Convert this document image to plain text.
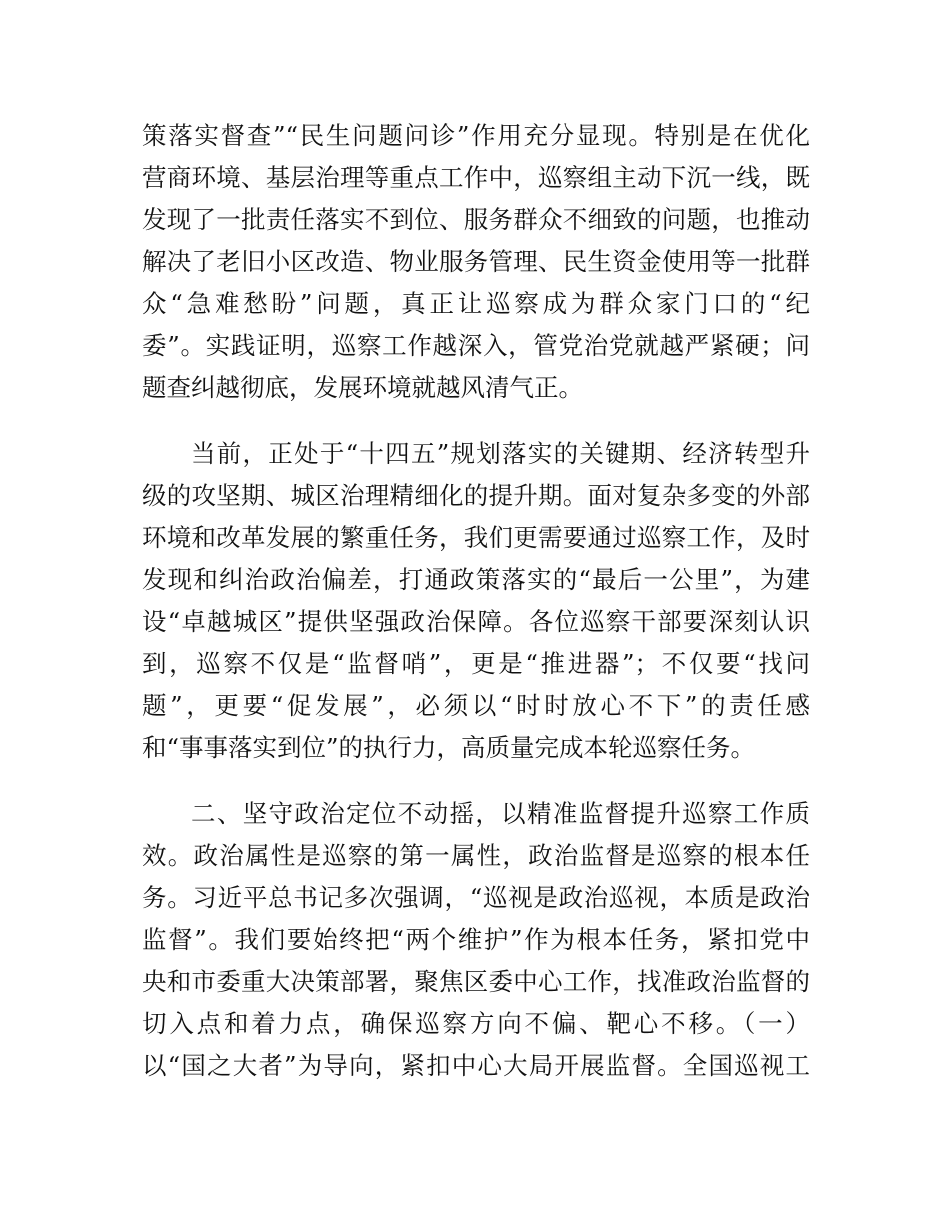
策落实督查”“民生问题问诊”作用充分显现。特别是在优化
营商环境、基层治理等重点工作中，巡察组主动下沉一线，既
发现了一批责任落实不到位、服务群众不细致的问题，也推动
解决了老旧小区改造、物业服务管理、民生资金使用等一批群
众“急难愁盼”问题，真正让巡察成为群众家门口的“纪
委”。实践证明，巡察工作越深入，管党治党就越严紧硬；问
题查纠越彻底，发展环境就越风清气正。
当前，正处于“十四五”规划落实的关键期、经济转型升
级的攻坚期、城区治理精细化的提升期。面对复杂多变的外部
环境和改革发展的繁重任务，我们更需要通过巡察工作，及时
发现和纠治政治偏差，打通政策落实的“最后一公里”，为建
设“卓越城区”提供坚强政治保障。各位巡察干部要深刻认识
到，巡察不仅是“监督哨”，更是“推进器”；不仅要“找问
题”，更要“促发展”，必须以“时时放心不下”的责任感
和“事事落实到位”的执行力，高质量完成本轮巡察任务。
二、坚守政治定位不动摇，以精准监督提升巡察工作质
效。政治属性是巡察的第一属性，政治监督是巡察的根本任
务。习近平总书记多次强调，“巡视是政治巡视，本质是政治
监督”。我们要始终把“两个维护”作为根本任务，紧扣党中
央和市委重大决策部署，聚焦区委中心工作，找准政治监督的
切入点和着力点，确保巡察方向不偏、靶心不移。（一）
以“国之大者”为导向，紧扣中心大局开展监督。全国巡视工
